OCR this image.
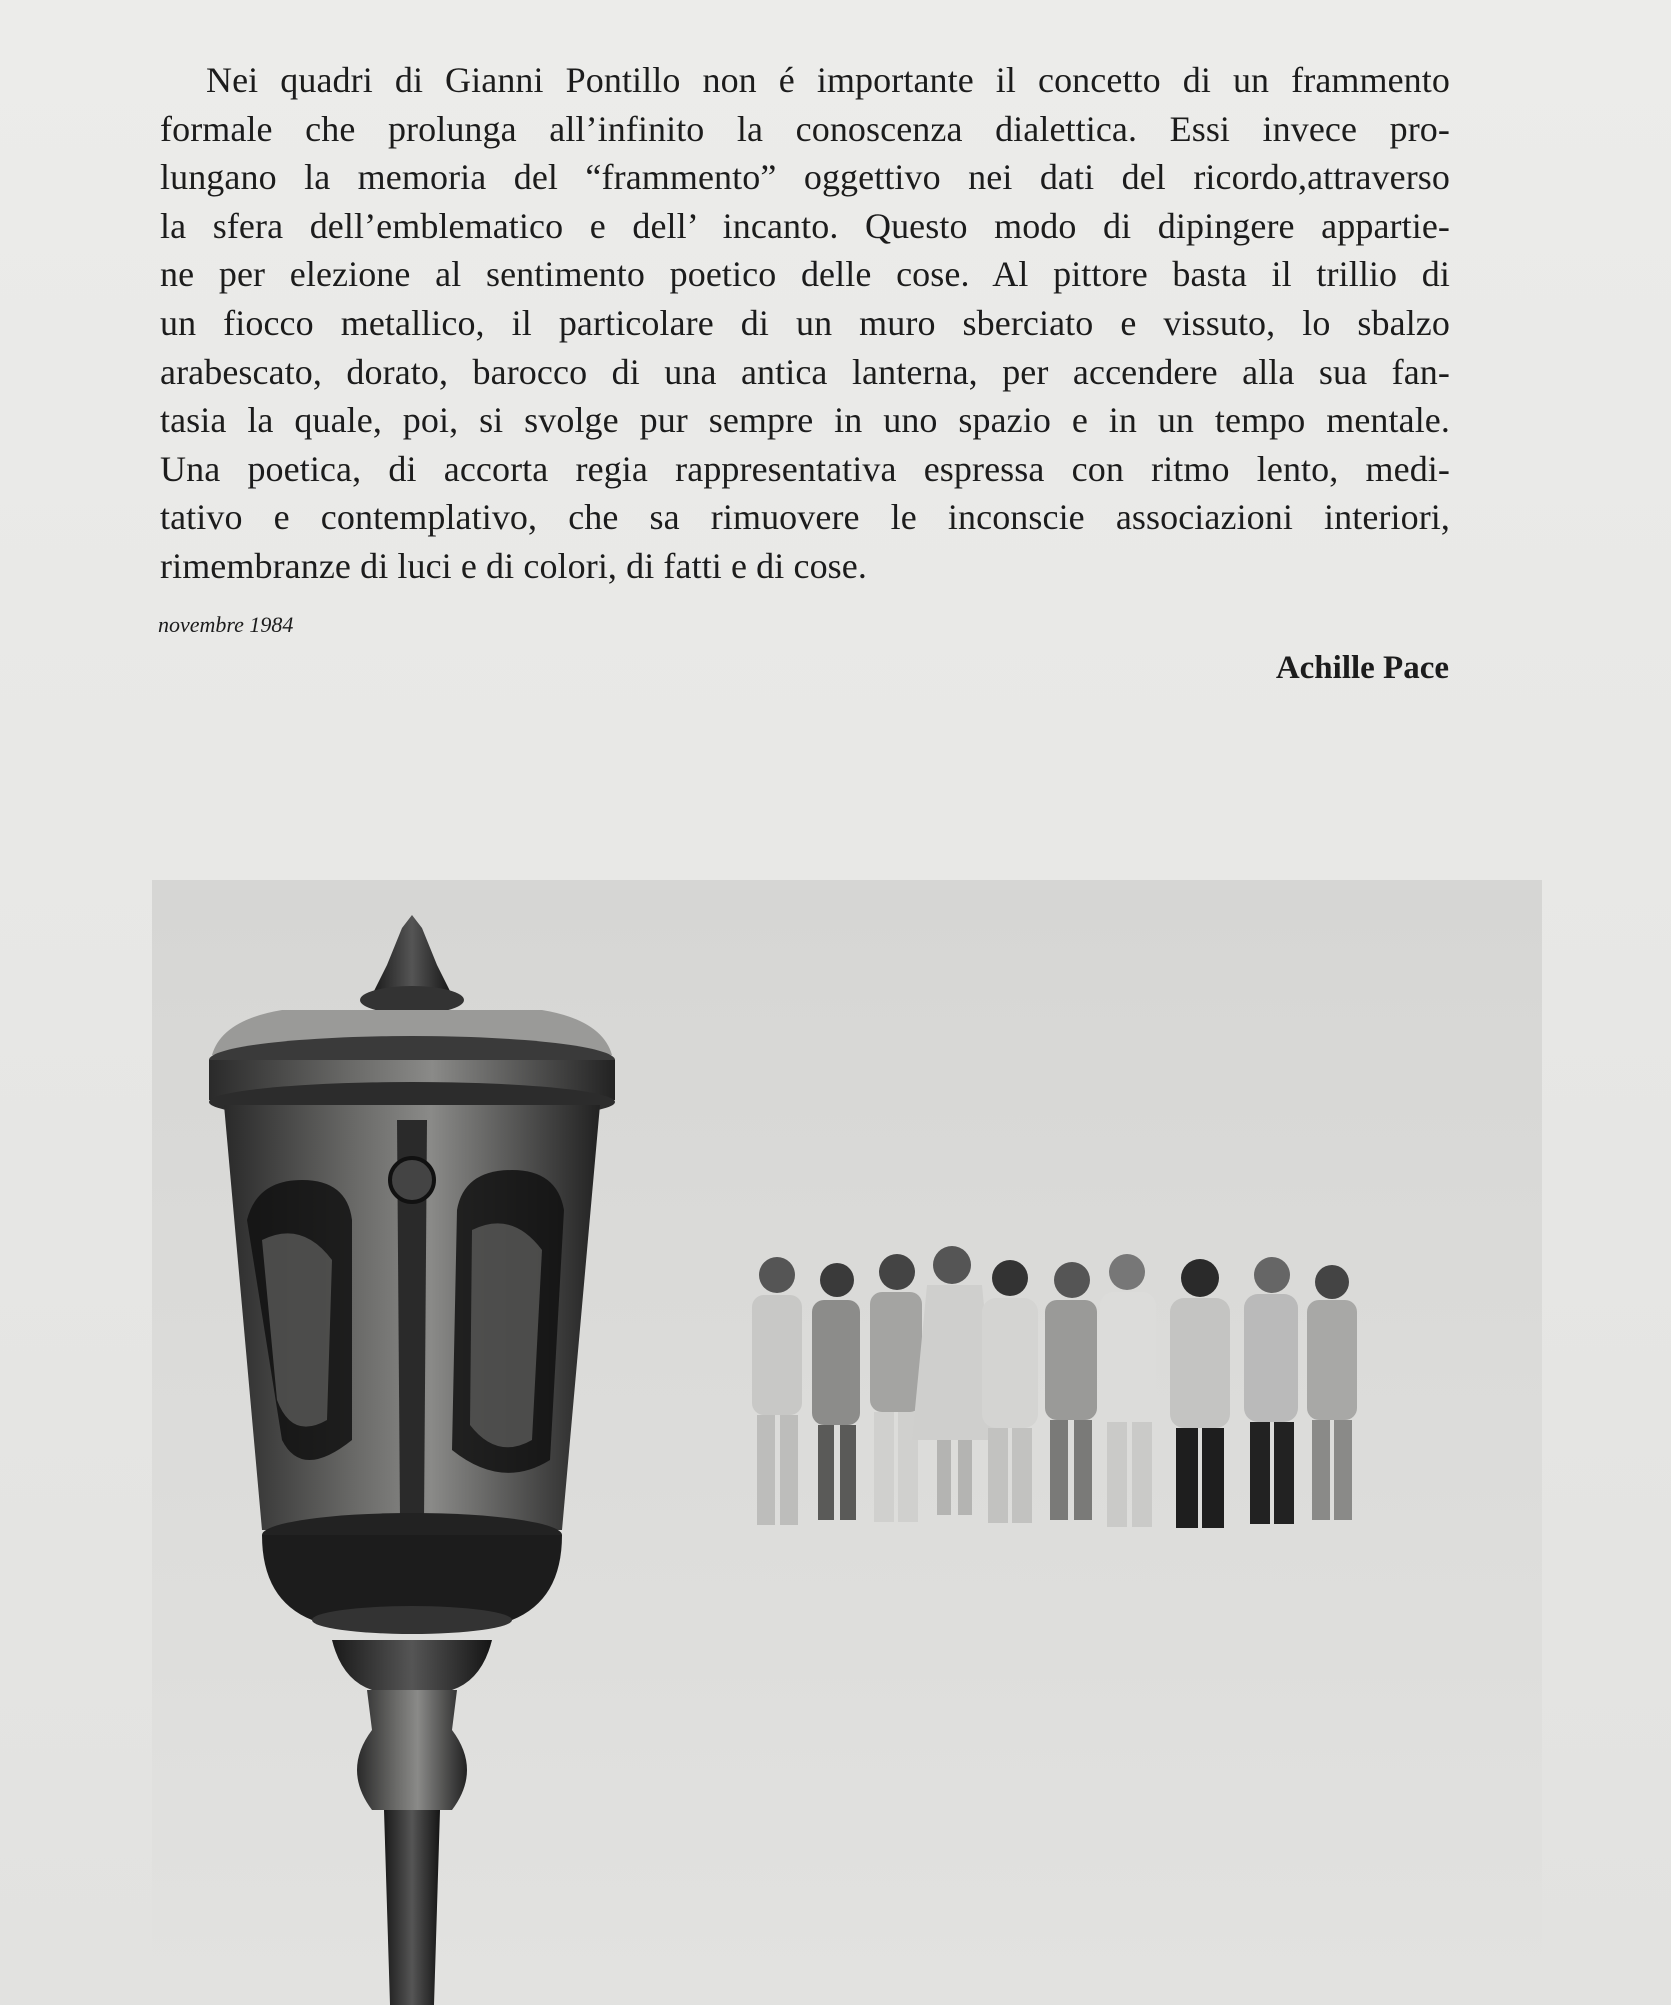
Nei quadri di Gianni Pontillo non é importante il concetto di un frammento
formale che prolunga all’infinito la conoscenza dialettica. Essi invece pro-
lungano la memoria del “frammento” oggettivo nei dati del ricordo,attraverso
la sfera dell’emblematico e dell’ incanto. Questo modo di dipingere appartie-
ne per elezione al sentimento poetico delle cose. Al pittore basta il trillio di
un fiocco metallico, il particolare di un muro sberciato e vissuto, lo sbalzo
arabescato, dorato, barocco di una antica lanterna, per accendere alla sua fan-
tasia la quale, poi, si svolge pur sempre in uno spazio e in un tempo mentale.
Una poetica, di accorta regia rappresentativa espressa con ritmo lento, medi-
tativo e contemplativo, che sa rimuovere le inconscie associazioni interiori,
rimembranze di luci e di colori, di fatti e di cose.
novembre 1984
Achille Pace
